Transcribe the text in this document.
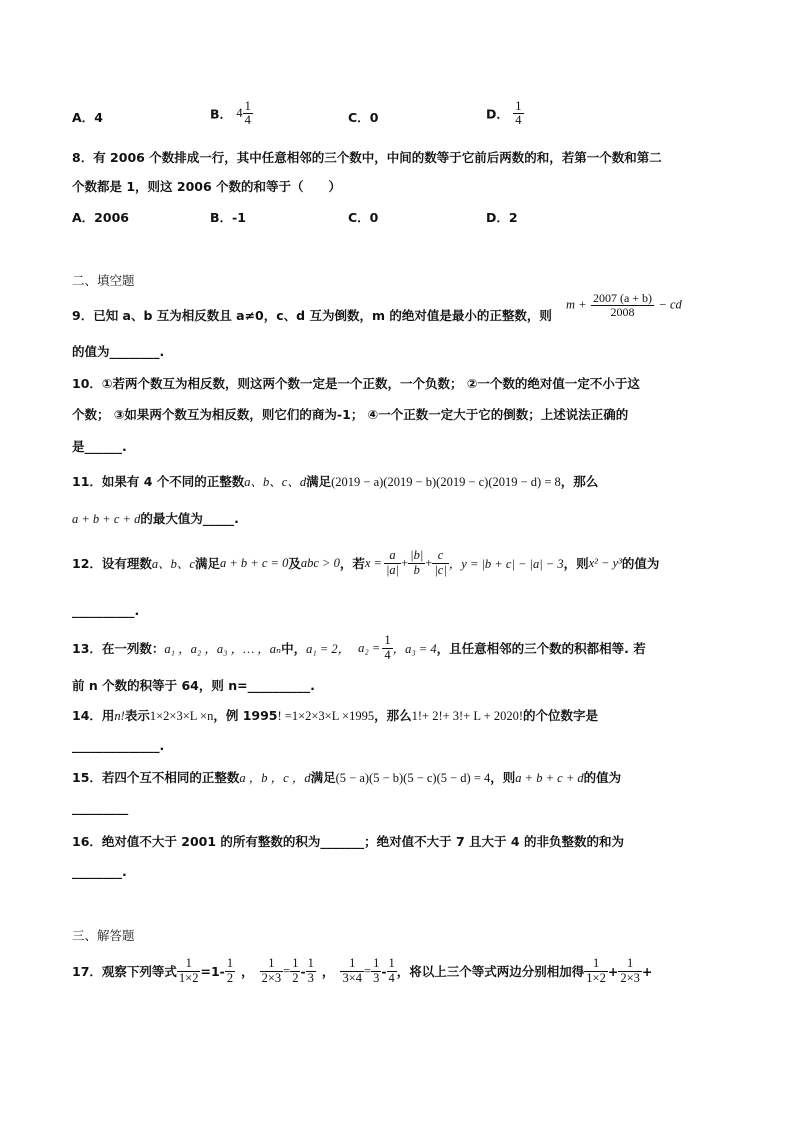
A．4	B． $4 \frac{1}{4}$	C．0	D． $\frac{1}{4}$
8．有 2006 个数排成一行，其中任意相邻的三个数中，中间的数等于它前后两数的和，若第一个数和第二
个数都是 1，则这 2006 个数的和等于（　　）
A．2006	B．-1	C．0	D．2
二、填空题
9．已知 a、b 互为相反数且 a≠0，c、d 互为倒数，m 的绝对值是最小的正整数，则
$m + \frac{2007 (a + b)}{2008}$ − cd
的值为________.
10．①若两个数互为相反数，则这两个数一定是一个正数，一个负数； ②一个数的绝对值一定不小于这
个数； ③如果两个数互为相反数，则它们的商为-1； ④一个正数一定大于它的倒数；上述说法正确的
是______.
11．如果有 4 个不同的正整数a、b、c、d满足(2019 − a)(2019 − b)(2019 − c)(2019 − d) = 8，那么
a + b + c + d的最大值为_____.
12．设有理数 a、b、c 满足 a + b + c = 0 及 abc > 0 ，若 $x = \frac{a}{|a|} + \frac{|b|}{b} + \frac{c}{|c|}$ ，y = |b + c| − |a| − 3 ，则 x² − y³ 的值为
__________.
13．在一列数： a₁ ，a₂ ，a₃ ，… ，aₙ 中， a₁ = 2， $a_2 = \frac{1}{4}$ ，a₃ = 4 ，且任意相邻的三个数的积都相等. 若
前 n 个数的积等于 64，则 n=__________.
14．用n!表示1×2×3×L ×n，例 1995! =1×2×3×L ×1995，那么1!+ 2!+ 3!+ L + 2020!的个位数字是
______________.
15．若四个互不相同的正整数a ，b ，c ，d满足(5 − a)(5 − b)(5 − c)(5 − d) = 4，则a + b + c + d的值为
_________
16．绝对值不大于 2001 的所有整数的积为_______；绝对值不大于 7 且大于 4 的非负整数的和为
________.
三、解答题
17．观察下列等式 $\frac{1}{1\times 2} =1- \frac{1}{2}$ ， $\frac{1}{2\times 3} = \frac{1}{2} - \frac{1}{3}$ ， $\frac{1}{3\times 4} = \frac{1}{3} - \frac{1}{4}$ ，将以上三个等式两边分别相加得 $\frac{1}{1\times 2} + \frac{1}{2\times 3}$ +
